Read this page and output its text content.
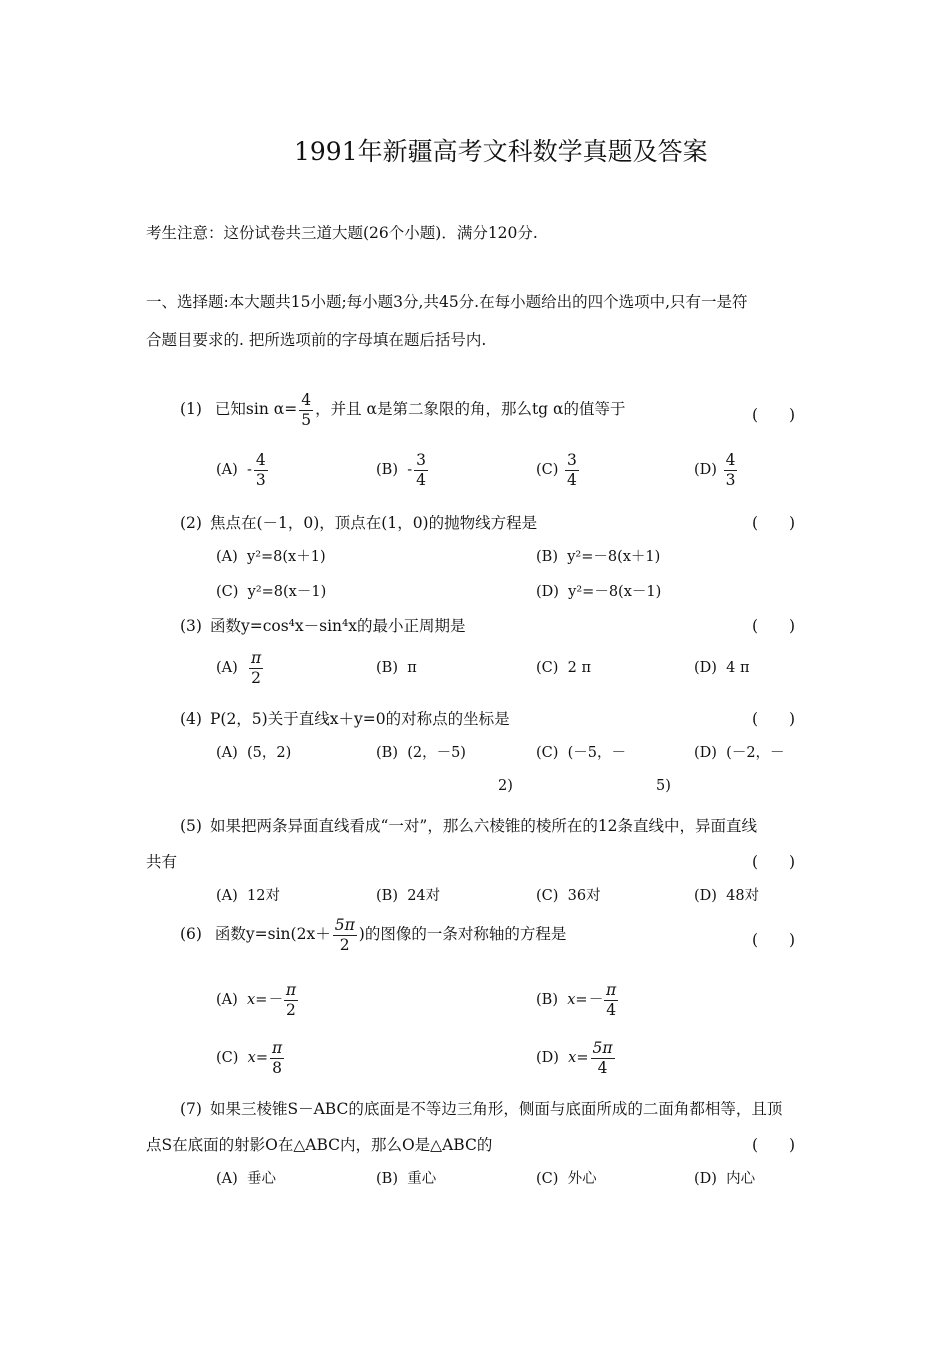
1991年新疆高考文科数学真题及答案
考生注意：这份试卷共三道大题(26个小题)．满分120分.
一、选择题:本大题共15小题;每小题3分,共45分.在每小题给出的四个选项中,只有一是符
合题目要求的. 把所选项前的字母填在题后括号内.
(1) 已知$\sin \alpha= \frac{4}{5}$ ，并且 α是第二象限的角，那么tg α的值等于	(　　)
$(A) - \frac{4}{3}$	$(B) - \frac{3}{4}$	$(C) \frac{3}{4}$	$(D) \frac{4}{3}$
(2) 焦点在(－1，0)，顶点在(1，0)的抛物线方程是	(　　)
(A) y²=8(x＋1)	(B) y²=－8(x＋1)
(C) y²=8(x－1)	(D) y²=－8(x－1)
(3) 函数y=cos⁴x－sin⁴x的最小正周期是	(　　)
$(A) \frac{\pi}{2}$	(B) π	(C) 2 π	(D) 4 π
(4) P(2，5)关于直线x＋y=0的对称点的坐标是	(　　)
(A) (5，2)	(B) (2，－5)	(C) (－5，－	(D) (－2，－
2)	5)
(5) 如果把两条异面直线看成“一对”，那么六棱锥的棱所在的12条直线中，异面直线
共有	(　　)
(A) 12对	(B) 24对	(C) 36对	(D) 48对
(6) 函数$y=\sin(2x+ \frac{5\pi}{2}$ )的图像的一条对称轴的方程是	(　　)
(A) $x=- \frac{\pi}{2}$	(B) $x=- \frac{\pi}{4}$
(C) $x= \frac{\pi}{8}$	(D) $x= \frac{5\pi}{4}$
(7) 如果三棱锥S－ABC的底面是不等边三角形，侧面与底面所成的二面角都相等，且顶
点S在底面的射影O在△ABC内，那么O是△ABC的	(　　)
(A) 垂心	(B) 重心	(C) 外心	(D) 内心
